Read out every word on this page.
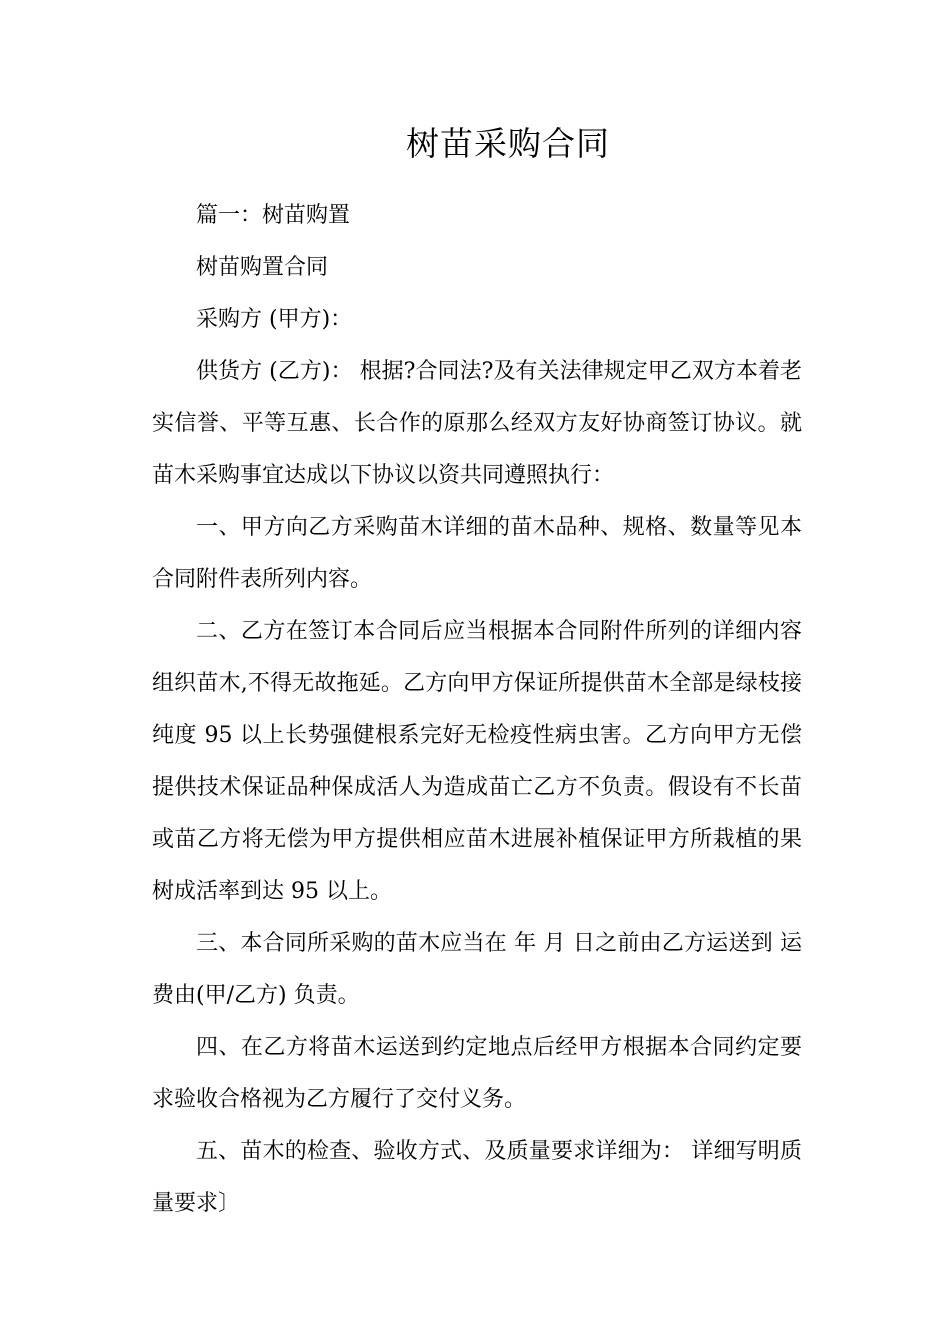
树苗采购合同

篇一：树苗购置

树苗购置合同

采购方 (甲方)：

供货方 (乙方)： 根据?合同法?及有关法律规定甲乙双方本着老实信誉、平等互惠、长合作的原那么经双方友好协商签订协议。就苗木采购事宜达成以下协议以资共同遵照执行：

一、甲方向乙方采购苗木详细的苗木品种、规格、数量等见本合同附件表所列内容。

二、乙方在签订本合同后应当根据本合同附件所列的详细内容组织苗木,不得无故拖延。乙方向甲方保证所提供苗木全部是绿枝接纯度 95 以上长势强健根系完好无检疫性病虫害。乙方向甲方无偿提供技术保证品种保成活人为造成苗亡乙方不负责。假设有不长苗或苗乙方将无偿为甲方提供相应苗木进展补植保证甲方所栽植的果树成活率到达 95 以上。

三、本合同所采购的苗木应当在 年 月 日之前由乙方运送到 运费由(甲/乙方) 负责。

四、在乙方将苗木运送到约定地点后经甲方根据本合同约定要求验收合格视为乙方履行了交付义务。

五、苗木的检查、验收方式、及质量要求详细为： 详细写明质量要求〕
